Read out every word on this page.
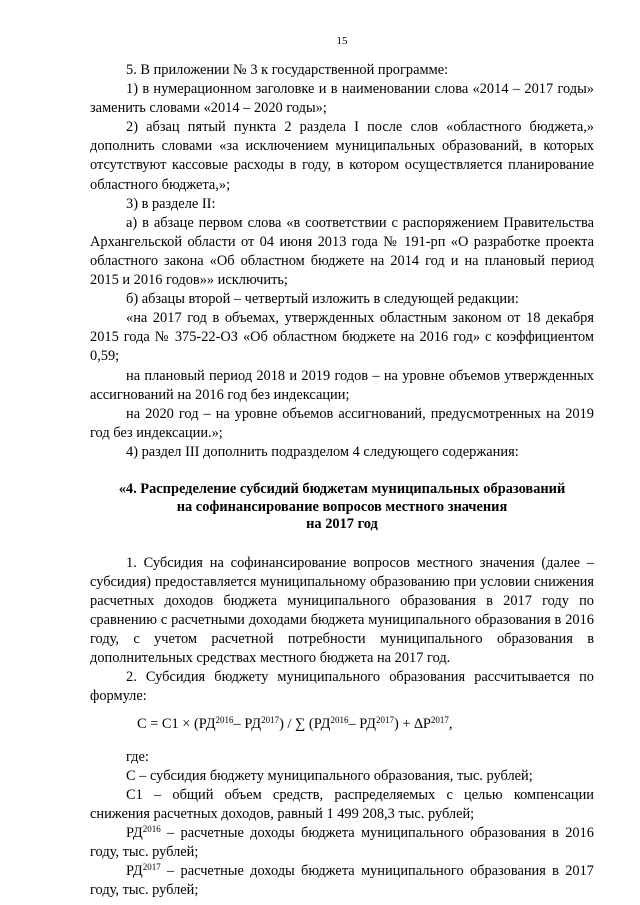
15

5. В приложении № 3 к государственной программе:

1) в нумерационном заголовке и в наименовании слова «2014 – 2017 годы» заменить словами «2014 – 2020 годы»;

2) абзац пятый пункта 2 раздела I после слов «областного бюджета,» дополнить словами «за исключением муниципальных образований, в которых отсутствуют кассовые расходы в году, в котором осуществляется планирование областного бюджета,»;

3) в разделе II:

а) в абзаце первом слова «в соответствии с распоряжением Правительства Архангельской области от 04 июня 2013 года № 191-рп «О разработке проекта областного закона «Об областном бюджете на 2014 год и на плановый период 2015 и 2016 годов»» исключить;

б) абзацы второй – четвертый изложить в следующей редакции:

«на 2017 год в объемах, утвержденных областным законом от 18 декабря 2015 года № 375-22-ОЗ «Об областном бюджете на 2016 год» с коэффициентом 0,59;

на плановый период 2018 и 2019 годов – на уровне объемов утвержденных ассигнований на 2016 год без индексации;

на 2020 год – на уровне объемов ассигнований, предусмотренных на 2019 год без индексации.»;

4) раздел III дополнить подразделом 4 следующего содержания:

«4. Распределение субсидий бюджетам муниципальных образований
на софинансирование вопросов местного значения
на 2017 год

1. Субсидия на софинансирование вопросов местного значения (далее – субсидия) предоставляется муниципальному образованию при условии снижения расчетных доходов бюджета муниципального образования в 2017 году по сравнению с расчетными доходами бюджета муниципального образования в 2016 году, с учетом расчетной потребности муниципального образования в дополнительных средствах местного бюджета на 2017 год.

2. Субсидия бюджету муниципального образования рассчитывается по формуле:

$С = С1 \times (РД^{2016}-$ $РД^{2017}$) / ∑ ($РД^{2016}-$ $РД^{2017}) + \Delta Р^{2017}$,

где:

С – субсидия бюджету муниципального образования, тыс. рублей;

С1 – общий объем средств, распределяемых с целью компенсации снижения расчетных доходов, равный 1 499 208,3 тыс. рублей;

$РД^{2016}$ – расчетные доходы бюджета муниципального образования в 2016 году, тыс. рублей;

$РД^{2017}$ – расчетные доходы бюджета муниципального образования в 2017 году, тыс. рублей;
